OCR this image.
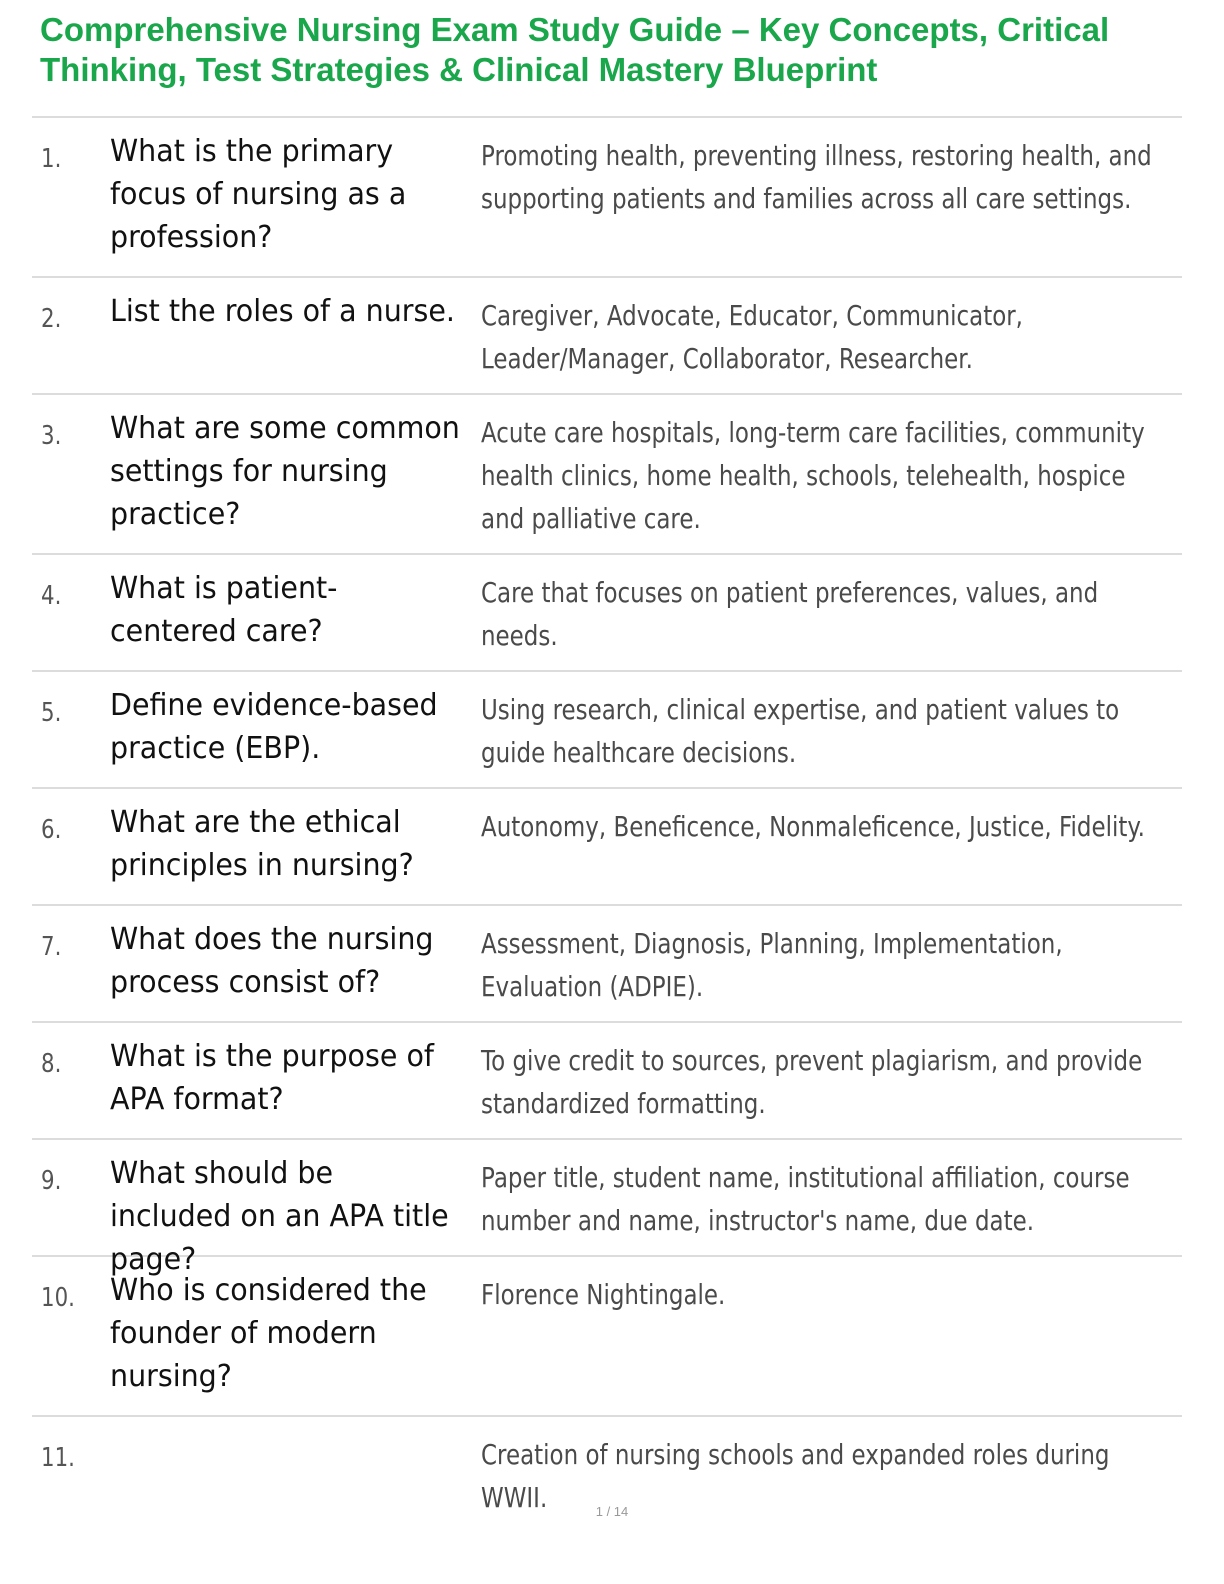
Comprehensive Nursing Exam Study Guide – Key Concepts, Critical Thinking, Test Strategies & Clinical Mastery Blueprint
1. What is the primary focus of nursing as a profession?
Promoting health, preventing illness, restoring health, and supporting patients and families across all care settings.
2. List the roles of a nurse. Caregiver, Advocate, Educator, Communicator, Leader/Manager, Collaborator, Researcher.
3. What are some common settings for nursing practice?
Acute care hospitals, long-term care facilities, community health clinics, home health, schools, telehealth, hospice and palliative care.
4. What is patient-centered care?
Care that focuses on patient preferences, values, and needs.
5. Define evidence-based practice (EBP).
Using research, clinical expertise, and patient values to guide healthcare decisions.
6. What are the ethical principles in nursing?
Autonomy, Beneficence, Nonmaleficence, Justice, Fidelity.
7. What does the nursing process consist of?
Assessment, Diagnosis, Planning, Implementation, Evaluation (ADPIE).
8. What is the purpose of APA format?
To give credit to sources, prevent plagiarism, and provide standardized formatting.
9. What should be included on an APA title page?
Paper title, student name, institutional affiliation, course number and name, instructor's name, due date.
10. Who is considered the founder of modern nursing?
Florence Nightingale.
11.	Creation of nursing schools and expanded roles during WWII.	1 / 14
